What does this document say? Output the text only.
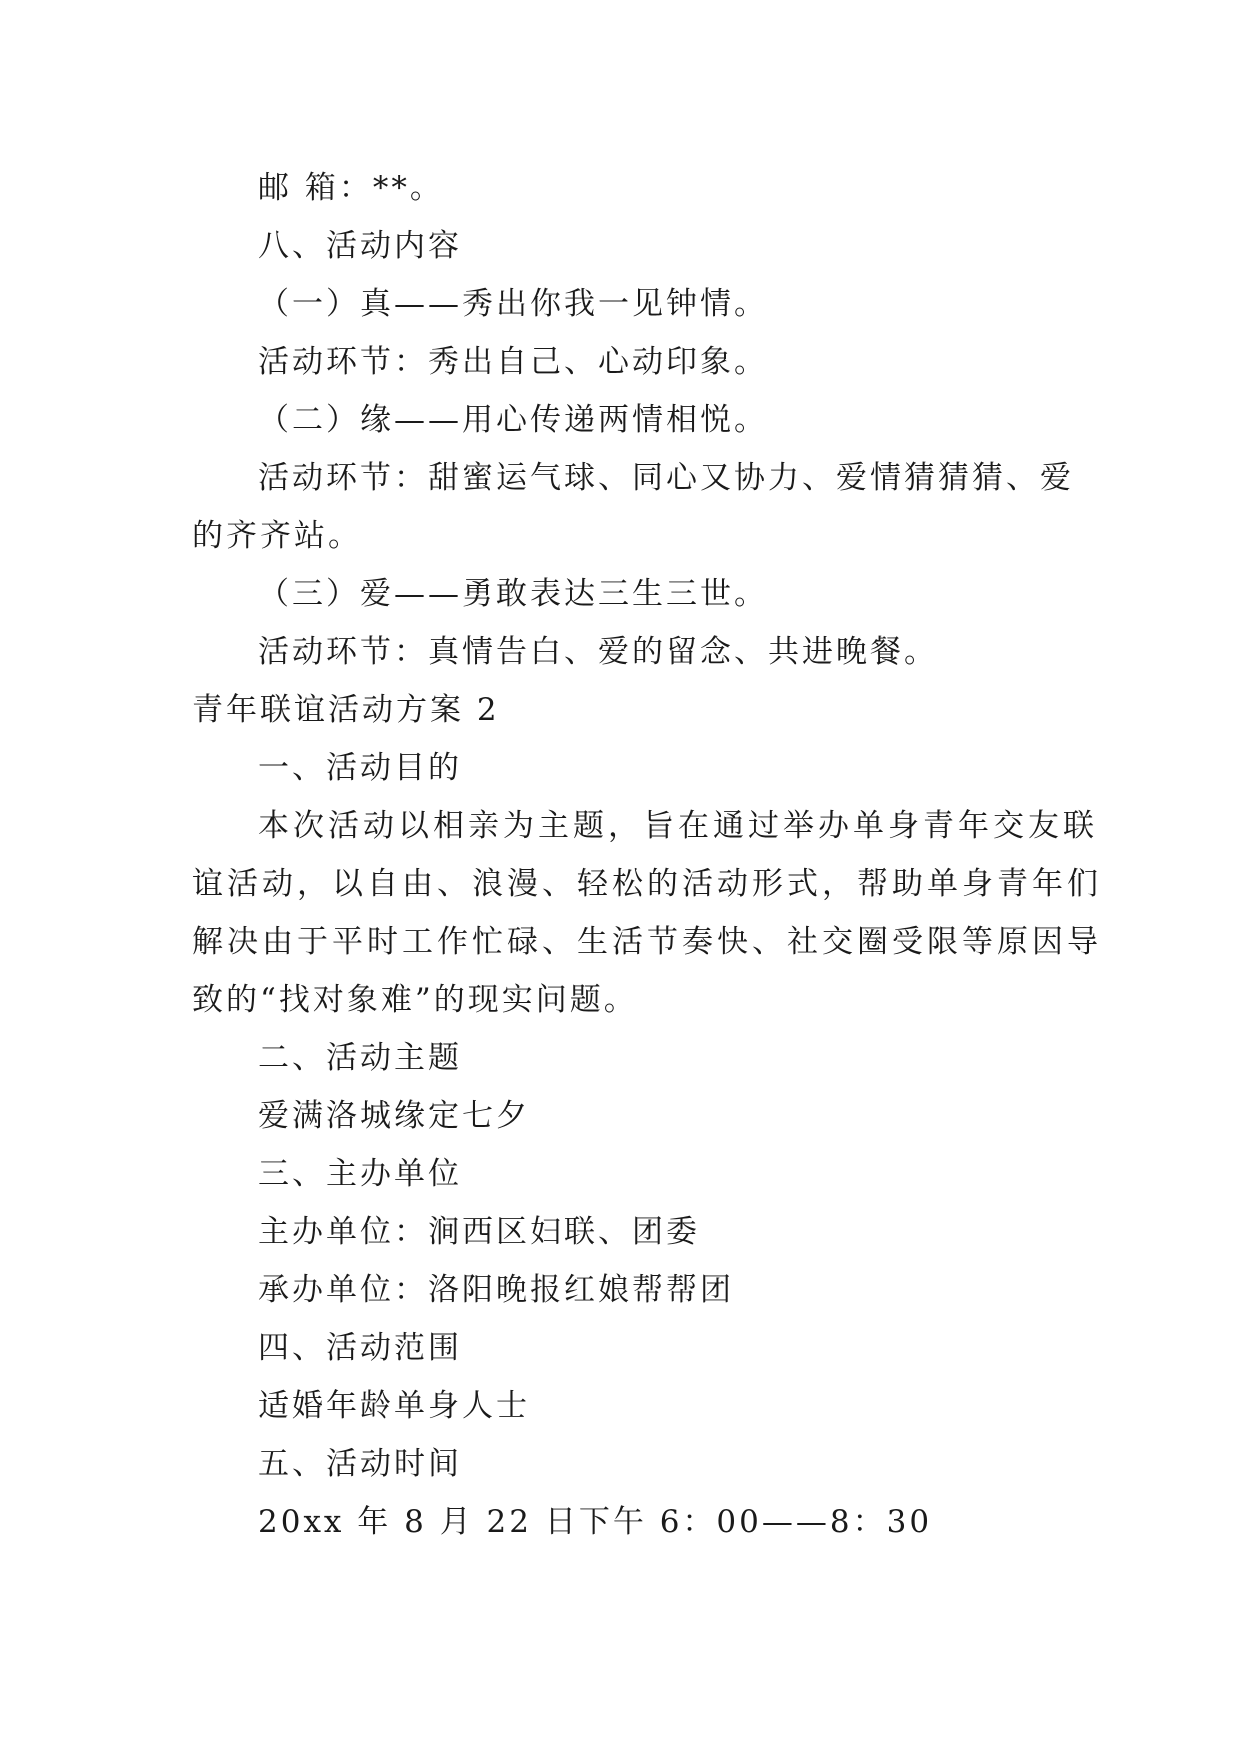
邮 箱：**。
八、活动内容
（一）真——秀出你我一见钟情。
活动环节：秀出自己、心动印象。
（二）缘——用心传递两情相悦。
活动环节：甜蜜运气球、同心又协力、爱情猜猜猜、爱
的齐齐站。
（三）爱——勇敢表达三生三世。
活动环节：真情告白、爱的留念、共进晚餐。
青年联谊活动方案 2
一、活动目的
本次活动以相亲为主题，旨在通过举办单身青年交友联
谊活动，以自由、浪漫、轻松的活动形式，帮助单身青年们
解决由于平时工作忙碌、生活节奏快、社交圈受限等原因导
致的“找对象难”的现实问题。
二、活动主题
爱满洛城缘定七夕
三、主办单位
主办单位：涧西区妇联、团委
承办单位：洛阳晚报红娘帮帮团
四、活动范围
适婚年龄单身人士
五、活动时间
20xx 年 8 月 22 日下午 6：00——8：30
